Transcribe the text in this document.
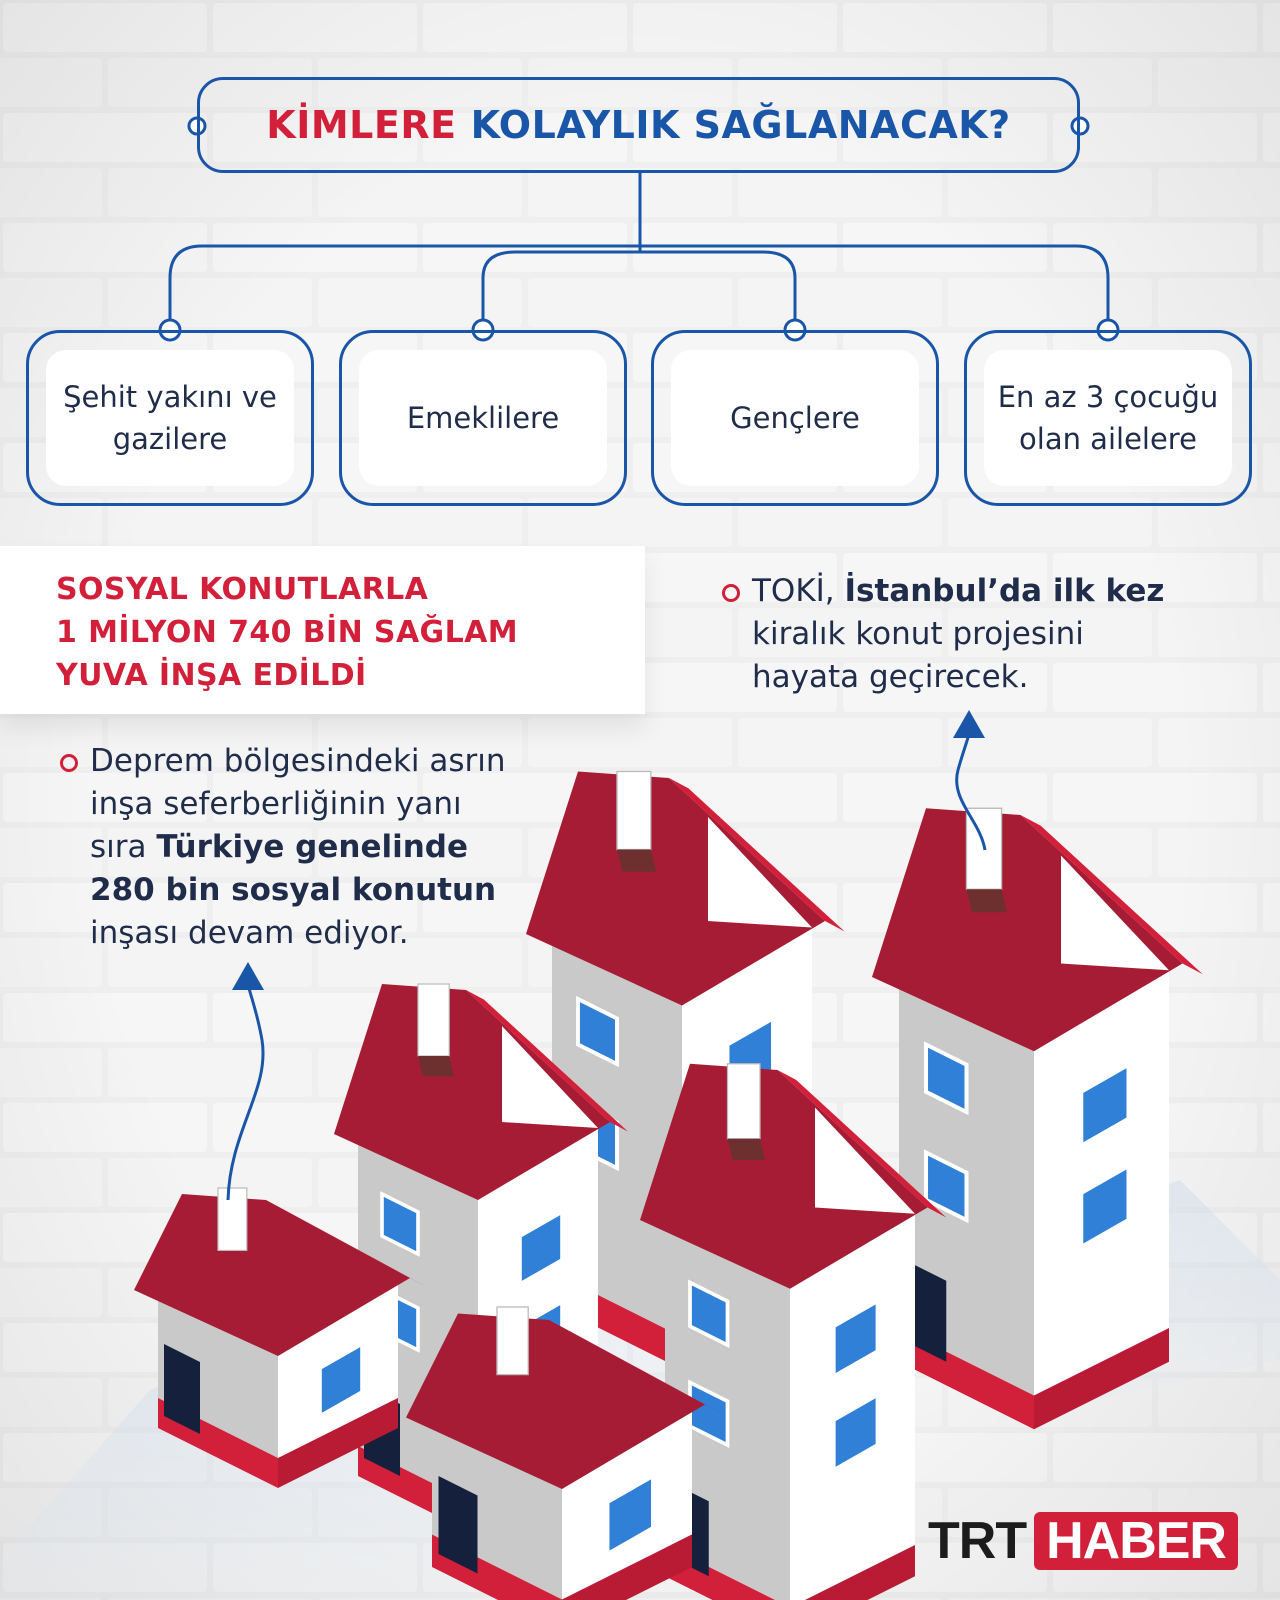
KİMLERE KOLAYLIK SAĞLANACAK?
Şehit yakını ve
gazilere
Emeklilere	Gençlere
En az 3 çocuğu
olan ailelere
SOSYAL KONUTLARLA
1 MİLYON 740 BİN SAĞLAM
YUVA İNŞA EDİLDİ
Deprem bölgesindeki asrın
inşa seferberliğinin yanı
sıra Türkiye genelinde
280 bin sosyal konutun
inşası devam ediyor.
TOKİ, İstanbul’da ilk kez
kiralık konut projesini
hayata geçirecek.
TRT HABER
